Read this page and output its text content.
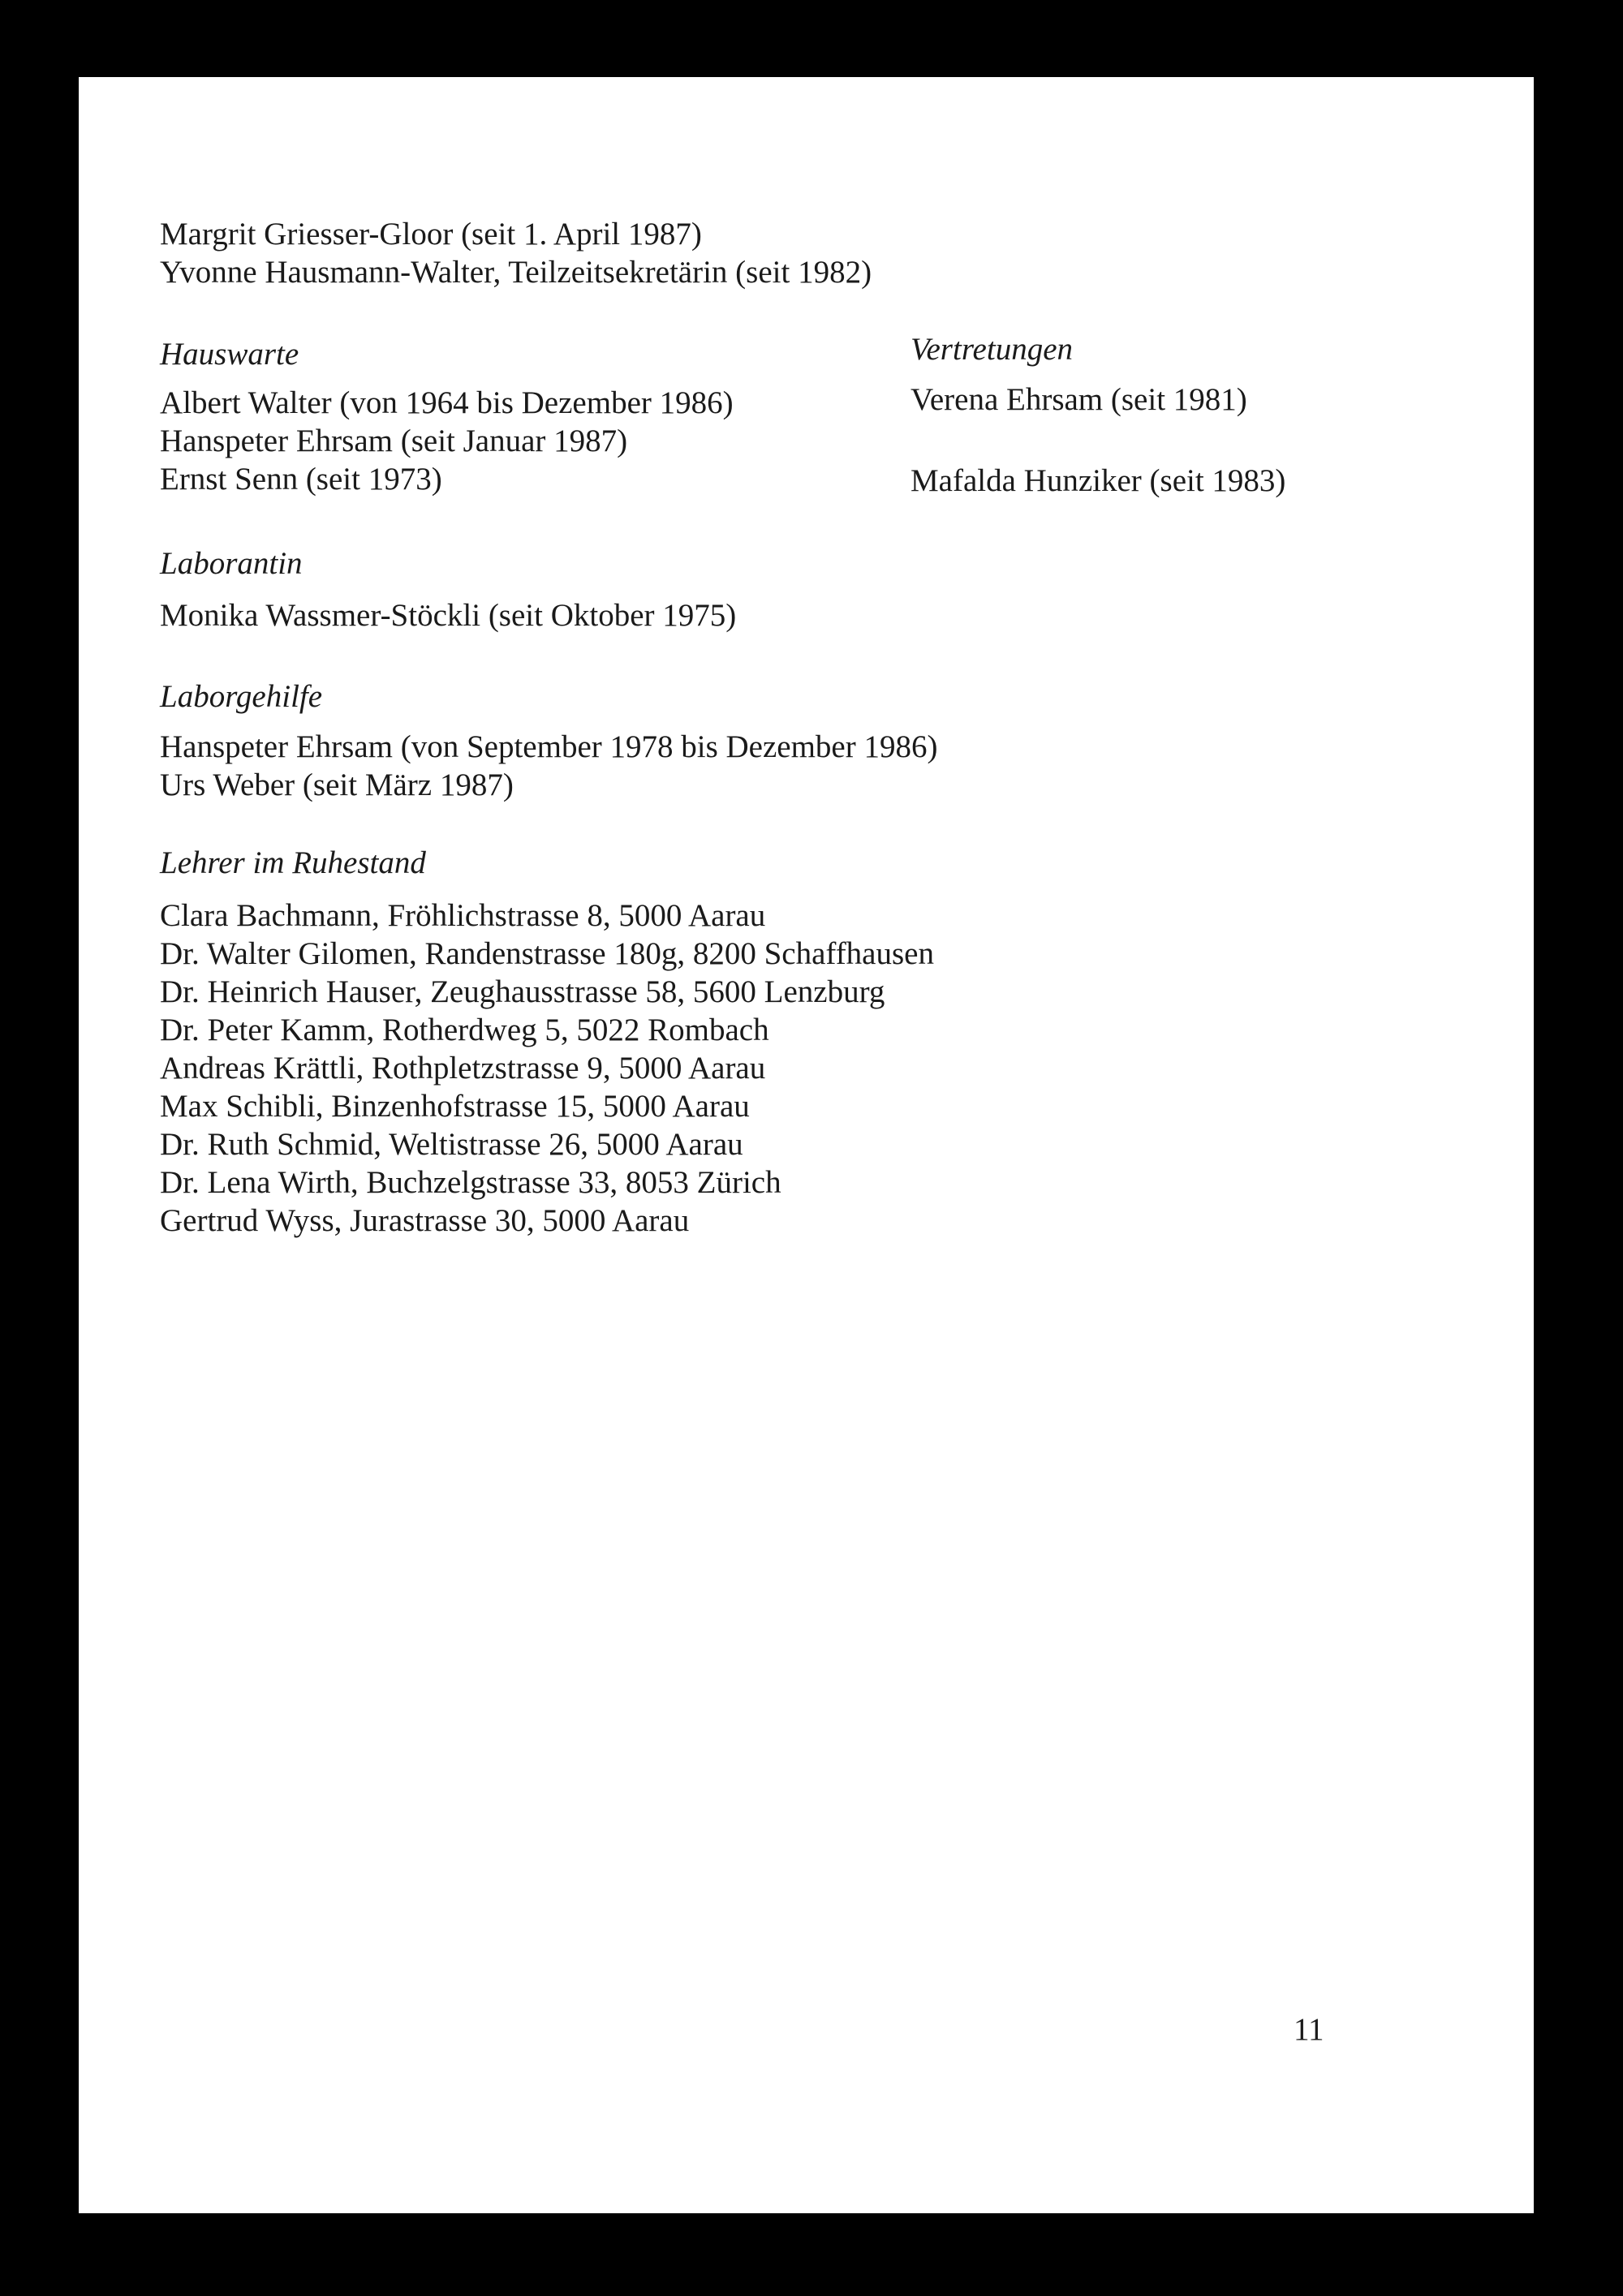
Margrit Griesser-Gloor (seit 1. April 1987)
Yvonne Hausmann-Walter, Teilzeitsekretärin (seit 1982)
Hauswarte
Albert Walter (von 1964 bis Dezember 1986)
Hanspeter Ehrsam (seit Januar 1987)
Ernst Senn (seit 1973)
Vertretungen
Verena Ehrsam (seit 1981)
Mafalda Hunziker (seit 1983)
Laborantin
Monika Wassmer-Stöckli (seit Oktober 1975)
Laborgehilfe
Hanspeter Ehrsam (von September 1978 bis Dezember 1986)
Urs Weber (seit März 1987)
Lehrer im Ruhestand
Clara Bachmann, Fröhlichstrasse 8, 5000 Aarau
Dr. Walter Gilomen, Randenstrasse 180g, 8200 Schaffhausen
Dr. Heinrich Hauser, Zeughausstrasse 58, 5600 Lenzburg
Dr. Peter Kamm, Rotherdweg 5, 5022 Rombach
Andreas Krättli, Rothpletzstrasse 9, 5000 Aarau
Max Schibli, Binzenhofstrasse 15, 5000 Aarau
Dr. Ruth Schmid, Weltistrasse 26, 5000 Aarau
Dr. Lena Wirth, Buchzelgstrasse 33, 8053 Zürich
Gertrud Wyss, Jurastrasse 30, 5000 Aarau
11
